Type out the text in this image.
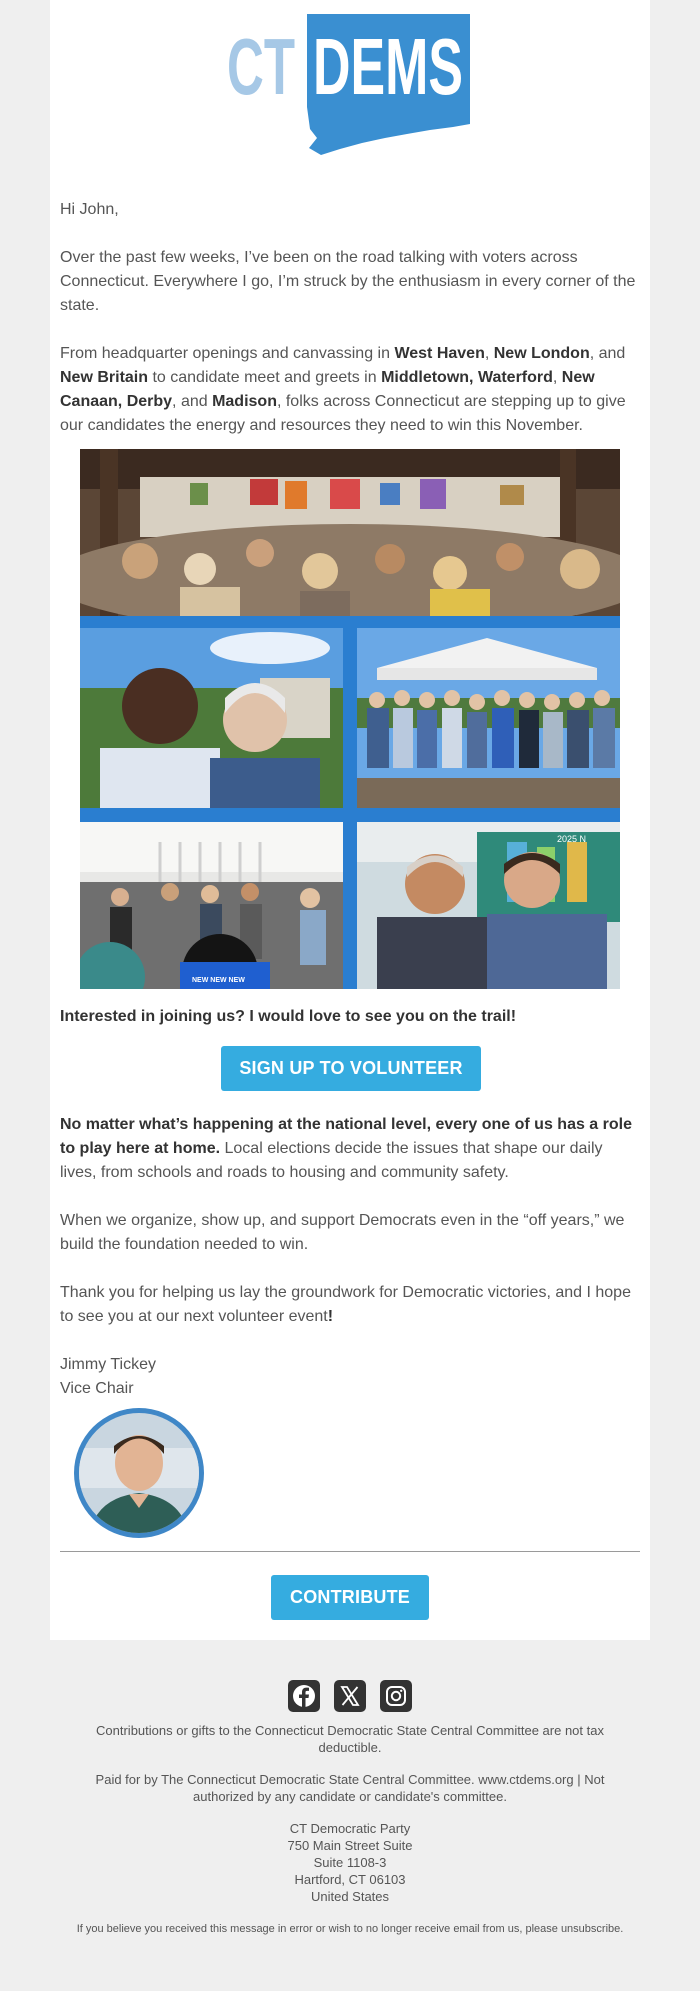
CT DEMS
Hi John,
Over the past few weeks, I’ve been on the road talking with voters across Connecticut. Everywhere I go, I’m struck by the enthusiasm in every corner of the state.
From headquarter openings and canvassing in West Haven, New London, and New Britain to candidate meet and greets in Middletown, Waterford, New Canaan, Derby, and Madison, folks across Connecticut are stepping up to give our candidates the energy and resources they need to win this November.
NEW NEW NEW
2025 N
Interested in joining us? I would love to see you on the trail!
SIGN UP TO VOLUNTEER
No matter what’s happening at the national level, every one of us has a role to play here at home. Local elections decide the issues that shape our daily lives, from schools and roads to housing and community safety.
When we organize, show up, and support Democrats even in the “off years,” we build the foundation needed to win.
Thank you for helping us lay the groundwork for Democratic victories, and I hope to see you at our next volunteer event!
Jimmy Tickey
Vice Chair
CONTRIBUTE
Contributions or gifts to the Connecticut Democratic State Central Committee are not tax deductible.
Paid for by The Connecticut Democratic State Central Committee. www.ctdems.org | Not authorized by any candidate or candidate's committee.
CT Democratic Party
750 Main Street Suite
Suite 1108-3
Hartford, CT 06103
United States
If you believe you received this message in error or wish to no longer receive email from us, please unsubscribe.
